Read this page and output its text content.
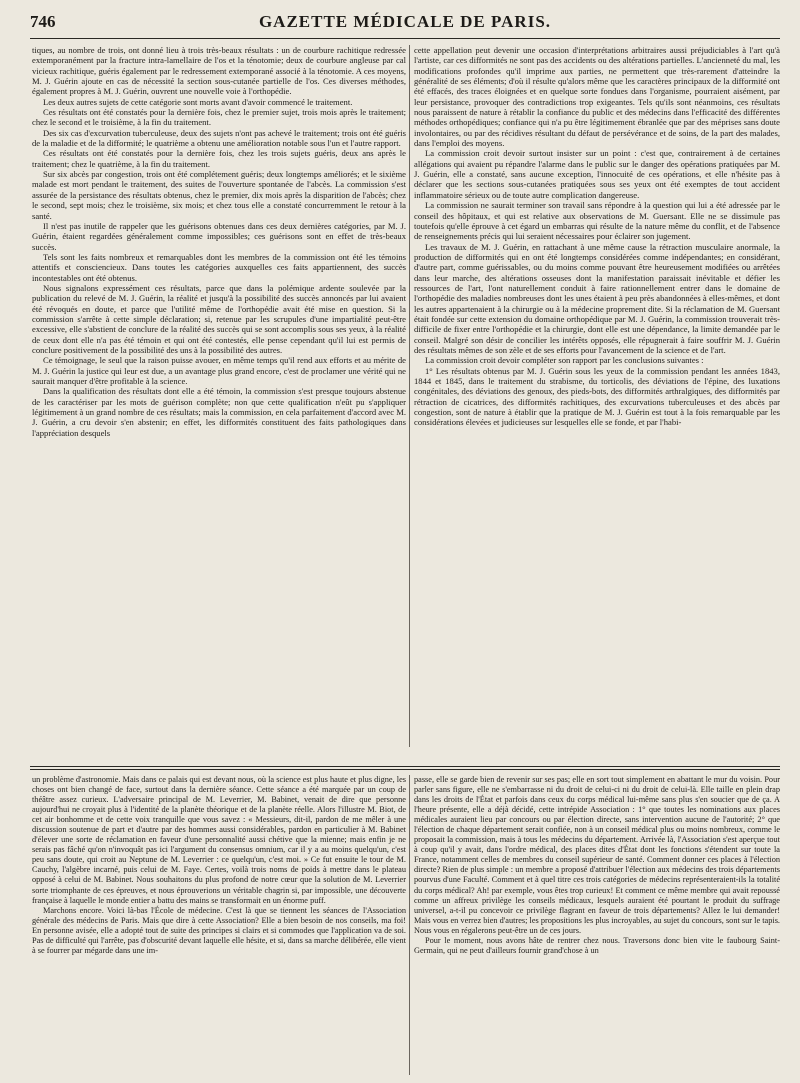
746	GAZETTE MÉDICALE DE PARIS.

tiques, au nombre de trois, ont donné lieu à trois très-beaux résultats : un de courbure rachitique redressée extemporanément par la fracture intra-lamellaire de l'os et la ténotomie; deux de courbure angleuse par cal vicieux rachitique, guéris également par le redressement extemporané associé à la ténotomie. A ces moyens, M. J. Guérin ajoute en cas de nécessité la section sous-cutanée partielle de l'os. Ces diverses méthodes, également propres à M. J. Guérin, ouvrent une nouvelle voie à l'orthopédie.

Les deux autres sujets de cette catégorie sont morts avant d'avoir commencé le traitement.

Ces résultats ont été constatés pour la dernière fois, chez le premier sujet, trois mois après le traitement; chez le second et le troisième, à la fin du traitement.

Des six cas d'excurvation tuberculeuse, deux des sujets n'ont pas achevé le traitement; trois ont été guéris de la maladie et de la difformité; le quatrième a obtenu une amélioration notable sous l'un et l'autre rapport.

Ces résultats ont été constatés pour la dernière fois, chez les trois sujets guéris, deux ans après le traitement; chez le quatrième, à la fin du traitement.

Sur six abcès par congestion, trois ont été complétement guéris; deux longtemps améliorés; et le sixième malade est mort pendant le traitement, des suites de l'ouverture spontanée de l'abcès. La commission s'est assurée de la persistance des résultats obtenus, chez le premier, dix mois après la disparition de l'abcès; chez le second, sept mois; chez le troisième, six mois; et chez tous elle a constaté concurremment le retour à la santé.

Il n'est pas inutile de rappeler que les guérisons obtenues dans ces deux dernières catégories, par M. J. Guérin, étaient regardées généralement comme impossibles; ces guérisons sont en effet de très-beaux succès.

Tels sont les faits nombreux et remarquables dont les membres de la commission ont été les témoins attentifs et consciencieux. Dans toutes les catégories auxquelles ces faits appartiennent, des succès incontestables ont été obtenus.

Nous signalons expressément ces résultats, parce que dans la polémique ardente soulevée par la publication du relevé de M. J. Guérin, la réalité et jusqu'à la possibilité des succès annoncés par lui avaient été révoqués en doute, et parce que l'utilité même de l'orthopédie avait été mise en question. Si la commission s'arrête à cette simple déclaration; si, retenue par les scrupules d'une impartialité peut-être excessive, elle s'abstient de conclure de la réalité des succès qui se sont accomplis sous ses yeux, à la réalité de ceux dont elle n'a pas été témoin et qui ont été contestés, elle pense cependant qu'il lui est permis de conclure positivement de la possibilité des uns à la possibilité des autres.

Ce témoignage, le seul que la raison puisse avouer, en même temps qu'il rend aux efforts et au mérite de M. J. Guérin la justice qui leur est due, a un avantage plus grand encore, c'est de proclamer une vérité qui ne saurait manquer d'être profitable à la science.

Dans la qualification des résultats dont elle a été témoin, la commission s'est presque toujours abstenue de les caractériser par les mots de guérison complète; non que cette qualification n'eût pu s'appliquer légitimement à un grand nombre de ces résultats; mais la commission, en cela parfaitement d'accord avec M. J. Guérin, a cru devoir s'en abstenir; en effet, les difformités constituent des faits pathologiques dans l'appréciation desquels

cette appellation peut devenir une occasion d'interprétations arbitraires aussi préjudiciables à l'art qu'à l'artiste, car ces difformités ne sont pas des accidents ou des altérations partielles. L'ancienneté du mal, les modifications profondes qu'il imprime aux parties, ne permettent que très-rarement d'atteindre la généralité de ses éléments; d'où il résulte qu'alors même que les caractères principaux de la difformité ont été effacés, des traces éloignées et en quelque sorte fondues dans l'organisme, pourraient aisément, par leur persistance, provoquer des contradictions trop exigeantes. Tels qu'ils sont néanmoins, ces résultats nous paraissent de nature à rétablir la confiance du public et des médecins dans l'efficacité des différentes méthodes orthopédiques; confiance qui n'a pu être légitimement ébranlée que par des méprises sans doute involontaires, ou par des récidives résultant du défaut de persévérance et de soins, de la part des malades, dans l'emploi des moyens.

La commission croit devoir surtout insister sur un point : c'est que, contrairement à de certaines allégations qui avaient pu répandre l'alarme dans le public sur le danger des opérations pratiquées par M. J. Guérin, elle a constaté, sans aucune exception, l'innocuité de ces opérations, et elle n'hésite pas à déclarer que les sections sous-cutanées pratiquées sous ses yeux ont été exemptes de tout accident inflammatoire sérieux ou de toute autre complication dangereuse.

La commission ne saurait terminer son travail sans répondre à la question qui lui a été adressée par le conseil des hôpitaux, et qui est relative aux observations de M. Guersant. Elle ne se dissimule pas toutefois qu'elle éprouve à cet égard un embarras qui résulte de la nature même du conflit, et de l'absence de renseignements précis qui lui seraient nécessaires pour éclairer son jugement.

Les travaux de M. J. Guérin, en rattachant à une même cause la rétraction musculaire anormale, la production de difformités qui en ont été longtemps considérées comme indépendantes; en considérant, d'autre part, comme guérissables, ou du moins comme pouvant être heureusement modifiées ou arrêtées dans leur marche, des altérations osseuses dont la manifestation paraissait inévitable et défier les ressources de l'art, l'ont naturellement conduit à faire rationnellement entrer dans le domaine de l'orthopédie des maladies nombreuses dont les unes étaient à peu près abandonnées à elles-mêmes, et dont les autres appartenaient à la chirurgie ou à la médecine proprement dite. Si la réclamation de M. Guersant était fondée sur cette extension du domaine orthopédique par M. J. Guérin, la commission trouverait très-difficile de fixer entre l'orthopédie et la chirurgie, dont elle est une dépendance, la limite demandée par le conseil. Malgré son désir de concilier les intérêts opposés, elle répugnerait à faire souffrir M. J. Guérin des résultats mêmes de son zèle et de ses efforts pour l'avancement de la science et de l'art.

La commission croit devoir compléter son rapport par les conclusions suivantes :

1° Les résultats obtenus par M. J. Guérin sous les yeux de la commission pendant les années 1843, 1844 et 1845, dans le traitement du strabisme, du torticolis, des déviations de l'épine, des luxations congénitales, des déviations des genoux, des pieds-bots, des difformités arthralgiques, des difformités par rétraction de cicatrices, des difformités rachitiques, des excurvations tuberculeuses et des abcès par congestion, sont de nature à établir que la pratique de M. J. Guérin est tout à la fois remarquable par les considérations élevées et judicieuses sur lesquelles elle se fonde, et par l'habi-

un problème d'astronomie. Mais dans ce palais qui est devant nous, où la science est plus haute et plus digne, les choses ont bien changé de face, surtout dans la dernière séance. Cette séance a été marquée par un coup de théâtre assez curieux. L'adversaire principal de M. Leverrier, M. Babinet, venait de dire que personne aujourd'hui ne croyait plus à l'identité de la planète théorique et de la planète réelle. Alors l'illustre M. Biot, de cet air bonhomme et de cette voix tranquille que vous savez : « Messieurs, dit-il, pardon de me mêler à une discussion soutenue de part et d'autre par des hommes aussi considérables, pardon en particulier à M. Babinet d'élever une sorte de réclamation en faveur d'une personnalité aussi chétive que la mienne; mais enfin je ne serais pas fâché qu'on n'invoquât pas ici l'argument du consensus omnium, car il y a au moins quelqu'un, c'est peu sans doute, qui croit au Neptune de M. Leverrier : ce quelqu'un, c'est moi. » Ce fut ensuite le tour de M. Cauchy, l'algèbre incarné, puis celui de M. Faye. Certes, voilà trois noms de poids à mettre dans le plateau opposé à celui de M. Babinet. Nous souhaitons du plus profond de notre cœur que la solution de M. Leverrier sorte triomphante de ces épreuves, et nous éprouverions un véritable chagrin si, par impossible, une découverte française à laquelle le monde entier a battu des mains se transformait en un énorme puff.

Marchons encore. Voici là-bas l'École de médecine. C'est là que se tiennent les séances de l'Association générale des médecins de Paris. Mais que dire à cette Association? Elle a bien besoin de nos conseils, ma foi! En personne avisée, elle a adopté tout de suite des principes si clairs et si commodes que l'application va de soi. Pas de difficulté qui l'arrête, pas d'obscurité devant laquelle elle hésite, et si, dans sa marche délibérée, elle vient à se fourrer par mégarde dans une im-

passe, elle se garde bien de revenir sur ses pas; elle en sort tout simplement en abattant le mur du voisin. Pour parler sans figure, elle ne s'embarrasse ni du droit de celui-ci ni du droit de celui-là. Elle taille en plein drap dans les droits de l'État et parfois dans ceux du corps médical lui-même sans plus s'en soucier que de ça. A l'heure présente, elle a déjà décidé, cette intrépide Association : 1° que toutes les nominations aux places médicales auraient lieu par concours ou par élection directe, sans intervention aucune de l'autorité; 2° que l'élection de chaque département serait confiée, non à un conseil médical plus ou moins nombreux, comme le proposait la commission, mais à tous les médecins du département. Arrivée là, l'Association s'est aperçue tout à coup qu'il y avait, dans l'ordre médical, des places dites d'État dont les fonctions s'étendent sur toute la France, notamment celles de membres du conseil supérieur de santé. Comment donner ces places à l'élection directe? Rien de plus simple : un membre a proposé d'attribuer l'élection aux médecins des trois départements pourvus d'une Faculté. Comment et à quel titre ces trois catégories de médecins représenteraient-ils la totalité du corps médical? Ah! par exemple, vous êtes trop curieux! Et comment ce même membre qui avait repoussé comme un affreux privilège les conseils médicaux, lesquels auraient été pourtant le produit du suffrage universel, a-t-il pu concevoir ce privilège flagrant en faveur de trois départements? Allez le lui demander! Mais vous en verrez bien d'autres; les propositions les plus incroyables, au sujet du concours, sont sur le tapis. Nous vous en régalerons peut-être un de ces jours.

Pour le moment, nous avons hâte de rentrer chez nous. Traversons donc bien vite le faubourg Saint-Germain, qui ne peut d'ailleurs fournir grand'chose à un
